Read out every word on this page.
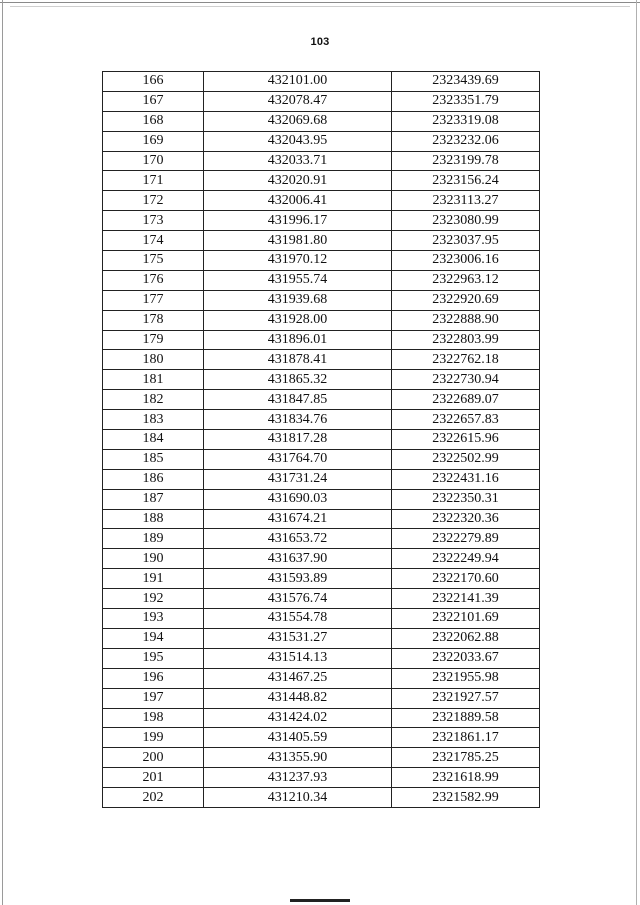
103
166	432101.00	2323439.69
167	432078.47	2323351.79
168	432069.68	2323319.08
169	432043.95	2323232.06
170	432033.71	2323199.78
171	432020.91	2323156.24
172	432006.41	2323113.27
173	431996.17	2323080.99
174	431981.80	2323037.95
175	431970.12	2323006.16
176	431955.74	2322963.12
177	431939.68	2322920.69
178	431928.00	2322888.90
179	431896.01	2322803.99
180	431878.41	2322762.18
181	431865.32	2322730.94
182	431847.85	2322689.07
183	431834.76	2322657.83
184	431817.28	2322615.96
185	431764.70	2322502.99
186	431731.24	2322431.16
187	431690.03	2322350.31
188	431674.21	2322320.36
189	431653.72	2322279.89
190	431637.90	2322249.94
191	431593.89	2322170.60
192	431576.74	2322141.39
193	431554.78	2322101.69
194	431531.27	2322062.88
195	431514.13	2322033.67
196	431467.25	2321955.98
197	431448.82	2321927.57
198	431424.02	2321889.58
199	431405.59	2321861.17
200	431355.90	2321785.25
201	431237.93	2321618.99
202	431210.34	2321582.99
